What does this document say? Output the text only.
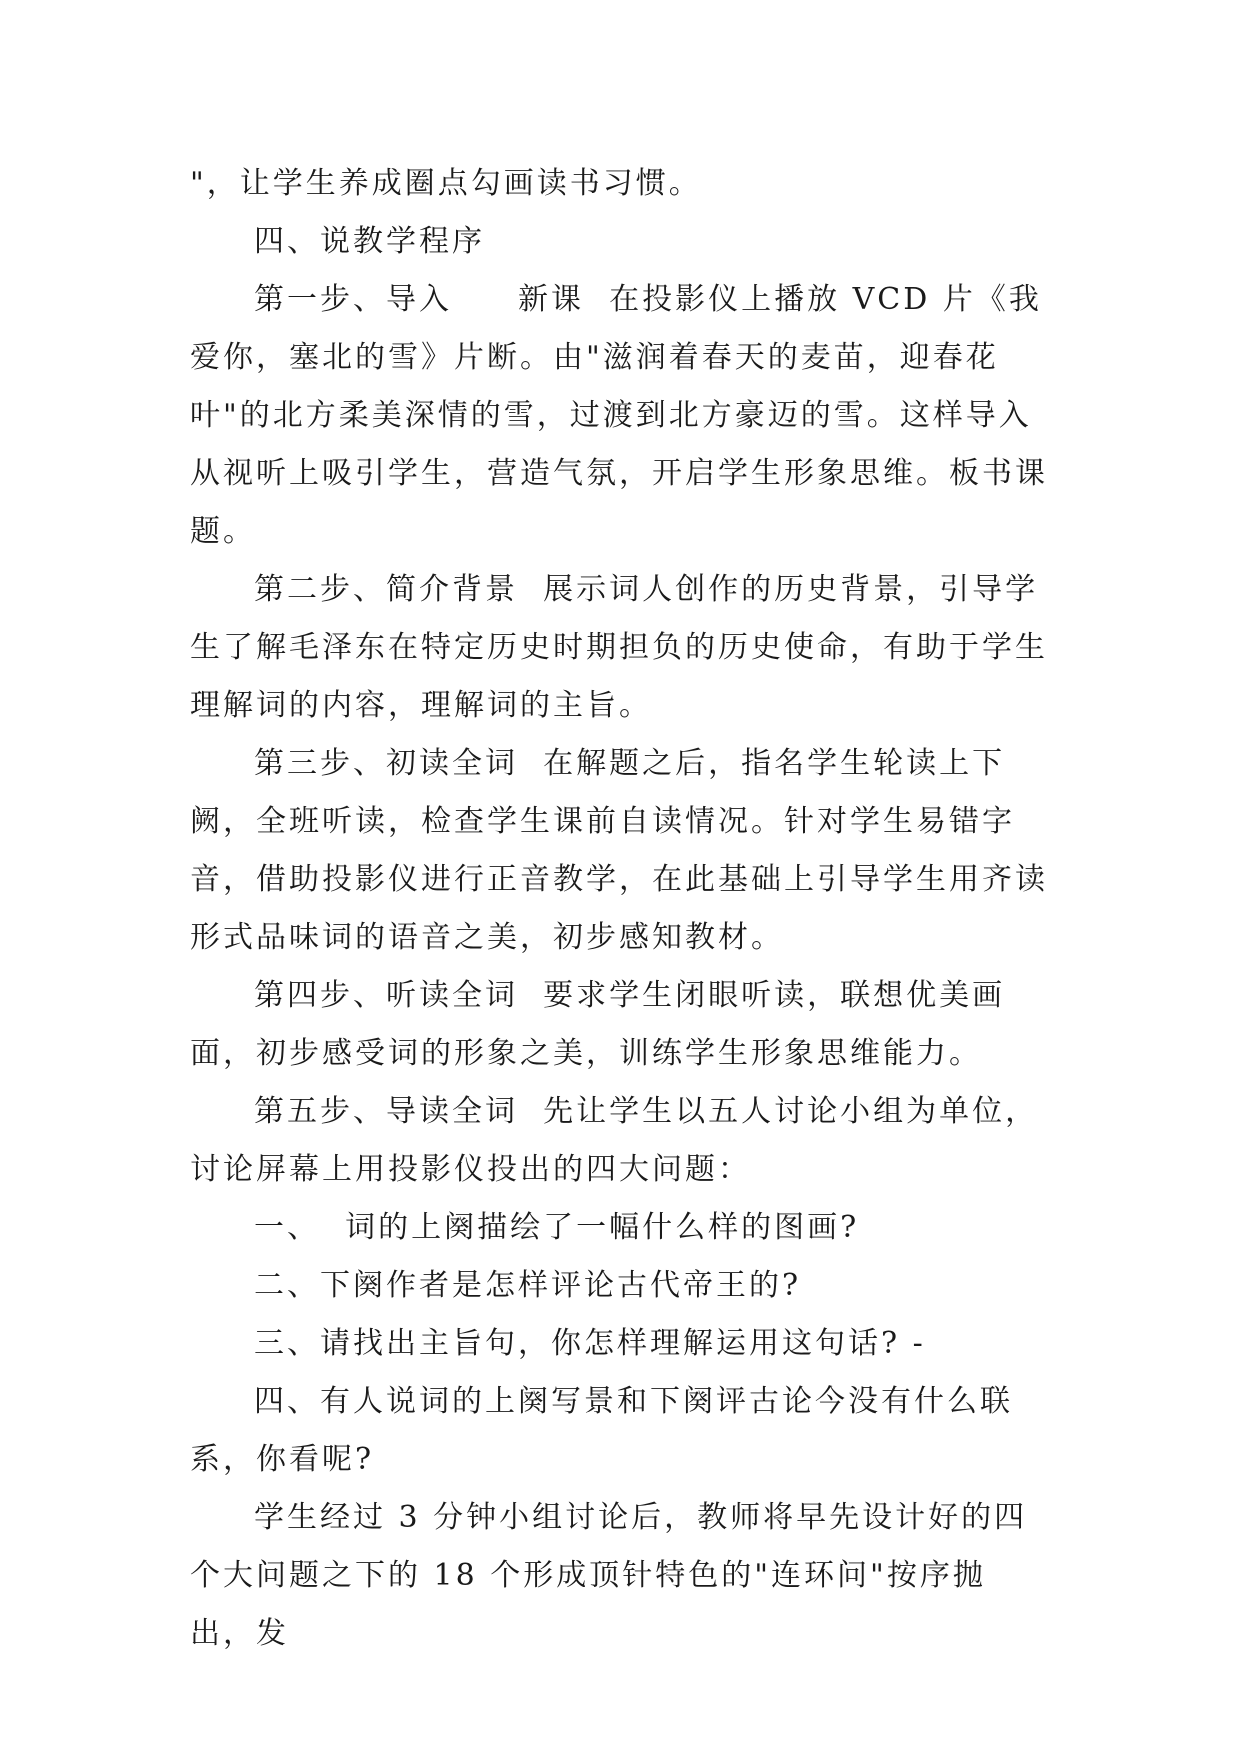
"，让学生养成圈点勾画读书习惯。

四、说教学程序

第一步、导入　　新课  在投影仪上播放 VCD 片《我爱你，塞北的雪》片断。由"滋润着春天的麦苗，迎春花叶"的北方柔美深情的雪，过渡到北方豪迈的雪。这样导入　　从视听上吸引学生，营造气氛，开启学生形象思维。板书课题。

第二步、简介背景  展示词人创作的历史背景，引导学生了解毛泽东在特定历史时期担负的历史使命，有助于学生理解词的内容，理解词的主旨。

第三步、初读全词  在解题之后，指名学生轮读上下阙，全班听读，检查学生课前自读情况。针对学生易错字音，借助投影仪进行正音教学，在此基础上引导学生用齐读形式品味词的语音之美，初步感知教材。

第四步、听读全词  要求学生闭眼听读，联想优美画面，初步感受词的形象之美，训练学生形象思维能力。

第五步、导读全词  先让学生以五人讨论小组为单位，讨论屏幕上用投影仪投出的四大问题：

一、  词的上阕描绘了一幅什么样的图画?

二、下阕作者是怎样评论古代帝王的?

三、请找出主旨句，你怎样理解运用这句话? -

四、有人说词的上阕写景和下阕评古论今没有什么联系，你看呢?

学生经过 3 分钟小组讨论后，教师将早先设计好的四个大问题之下的 18 个形成顶针特色的"连环问"按序抛出，发
